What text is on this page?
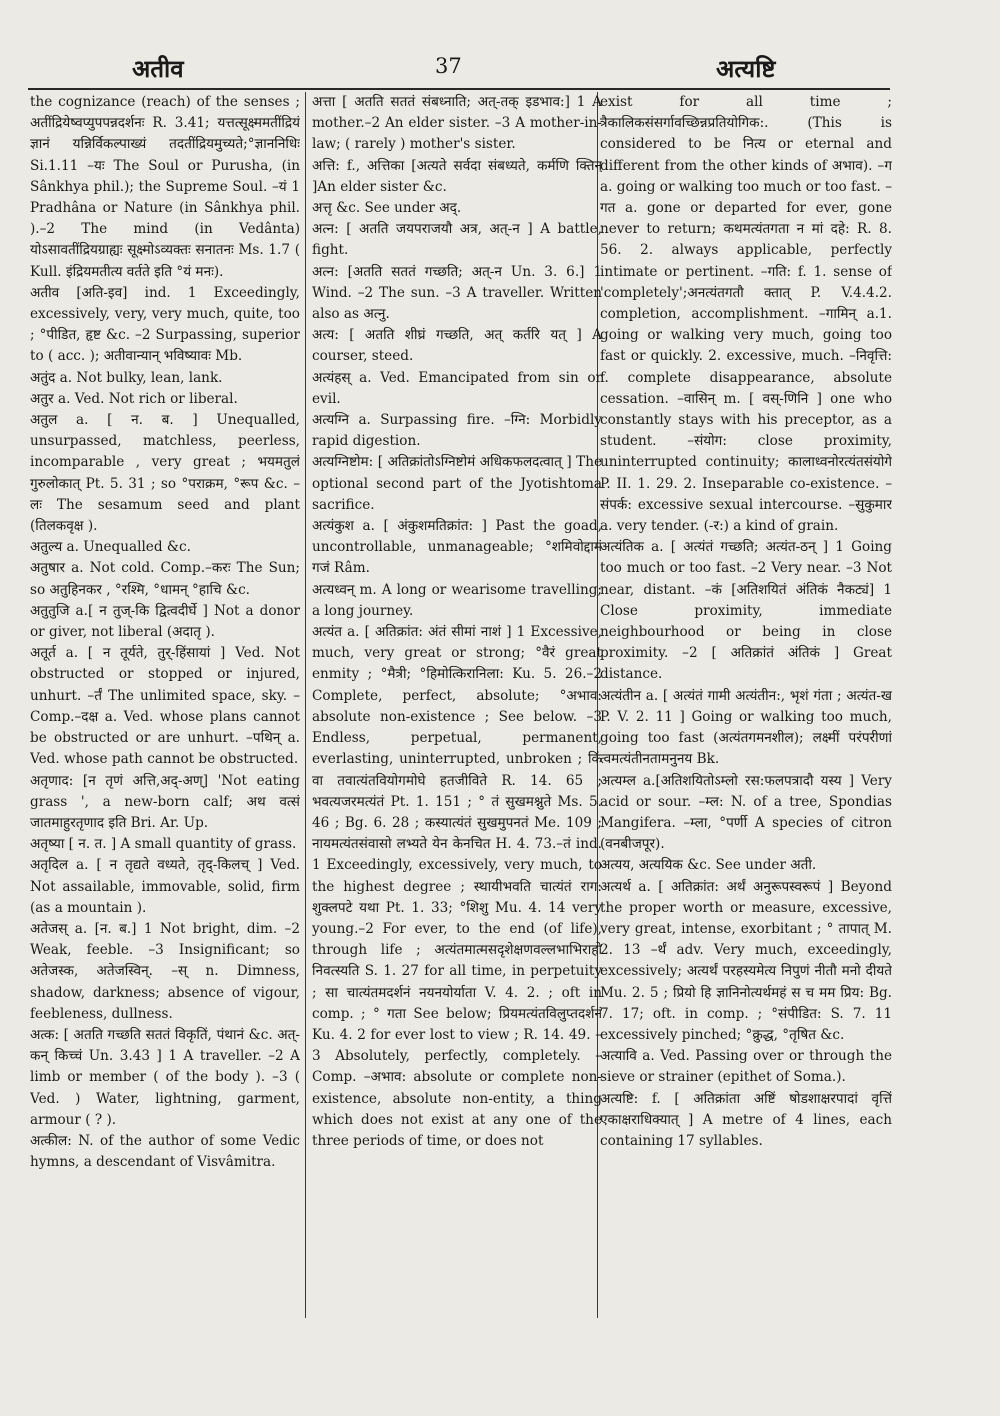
अतीव	37	अत्यष्टि

the cognizance (reach) of the senses ; अतींद्रियेष्वप्युपपन्नदर्शनः R. 3.41; यत्तत्सूक्ष्ममतींद्रियं ज्ञानं यन्निर्विकल्पाख्यं तदतींद्रियमुच्यते;°ज्ञाननिधिः Si.1.11 –यः The Soul or Purusha, (in Sânkhya phil.); the Supreme Soul. –यं 1 Pradhâna or Nature (in Sânkhya phil. ).–2 The mind (in Vedânta) योऽसावतींद्रियग्राह्यः सूक्ष्मोऽव्यक्तः सनातनः Ms. 1.7 ( Kull. इंद्रियमतीत्य वर्तते इति °यं मनः).

अतीव [अति-इव] ind. 1 Exceedingly, excessively, very, very much, quite, too ; °पीडित, हृष्ट &c. –2 Surpassing, superior to ( acc. ); अतीवान्यान् भविष्यावः Mb.

अतुंद a. Not bulky, lean, lank.

अतुर a. Ved. Not rich or liberal.

अतुल a. [ न. ब. ] Unequalled, unsurpassed, matchless, peerless, incomparable , very great ; भयमतुलं गुरुलोकात् Pt. 5. 31 ; so °पराक्रम, °रूप &c. –लः The sesamum seed and plant (तिलकवृक्ष ).

अतुल्य a. Unequalled &c.

अतुषार a. Not cold. Comp.–करः The Sun; so अतुहिनकर , °रश्मि, °धामन् °हाचि &c.

अतुतुजि a.[ न तुज्-कि द्वित्वदीर्घे ] Not a donor or giver, not liberal (अदातृ ).

अतूर्त a. [ न तूर्यते, तुर्-हिंसायां ] Ved. Not obstructed or stopped or injured, unhurt. –र्तं The unlimited space, sky. –Comp.–दक्ष a. Ved. whose plans cannot be obstructed or are unhurt. –पथिन् a. Ved. whose path cannot be obstructed.

अतृणाद: [न तृणं अत्ति,अद्-अण्] 'Not eating grass ', a new-born calf; अथ वत्सं जातमाहुरतृणाद इति Bri. Ar. Up.

अतृष्या [ न. त. ] A small quantity of grass.

अतृदिल a. [ न तृद्यते वध्यते, तृद्-किलच् ] Ved. Not assailable, immovable, solid, firm (as a mountain ).

अतेजस् a. [न. ब.] 1 Not bright, dim. –2 Weak, feeble. –3 Insignificant; so अतेजस्क, अतेजस्विन्. –स् n. Dimness, shadow, darkness; absence of vigour, feebleness, dullness.

अत्क: [ अतति गच्छति सततं विकृतिं, पंथानं &c. अत्-कन् किच्चं Un. 3.43 ] 1 A traveller. –2 A limb or member ( of the body ). –3 ( Ved. ) Water, lightning, garment, armour ( ? ).

अत्कील: N. of the author of some Vedic hymns, a descendant of Visvâmitra.

अत्ता [ अतति सततं संबध्नाति; अत्-तक् इडभाव:] 1 A mother.–2 An elder sister. –3 A mother-in-law; ( rarely ) mother's sister.

अत्ति: f., अत्तिका [अत्यते सर्वदा संबध्यते, कर्मणि क्तिन् ]An elder sister &c.

अत्तृ &c. See under अद्.

अत्न: [ अतति जयपराजयौ अत्र, अत्-न ] A battle, fight.

अत्न: [अतति सततं गच्छति; अत्-न Un. 3. 6.] 1 Wind. –2 The sun. –3 A traveller. Written also as अत्नु.

अत्य: [ अतति शीघ्रं गच्छति, अत् कर्तरि यत् ] A courser, steed.

अत्यंहस् a. Ved. Emancipated from sin or evil.

अत्यग्नि a. Surpassing fire. –ग्नि: Morbidly rapid digestion.

अत्यग्निष्टोम: [ अतिक्रांतोऽग्निष्टोमं अधिकफलदत्वात् ] The optional second part of the Jyotishtoma sacrifice.

अत्यंकुश a. [ अंकुशमतिक्रांत: ] Past the goad, uncontrollable, unmanageable; °शमिवोद्दामं गजं Râm.

अत्यध्वन् m. A long or wearisome travelling; a long journey.

अत्यंत a. [ अतिक्रांत: अंतं सीमां नाशं ] 1 Excessive, much, very great or strong; °वैरं great enmity ; °मैत्री; °हिमोत्किरानिला: Ku. 5. 26.–2 Complete, perfect, absolute; °अभाव: absolute non-existence ; See below. –3 Endless, perpetual, permanent, everlasting, uninterrupted, unbroken ; किं वा तवात्यंतवियोगमोघे हतजीविते R. 14. 65 ; भवत्यजरमत्यंतं Pt. 1. 151 ; ° तं सुखमश्नुते Ms. 5. 46 ; Bg. 6. 28 ; कस्यात्यंतं सुखमुपनतं Me. 109 ; नायमत्यंतसंवासो लभ्यते येन केनचित H. 4. 73.–तं ind. 1 Exceedingly, excessively, very much, to the highest degree ; स्थायीभवति चात्यंतं राग: शुक्लपटे यथा Pt. 1. 33; °शिशु Mu. 4. 14 very young.–2 For ever, to the end (of life), through life ; अत्यंतमात्मसदृशेक्षणवल्लभाभिराहो निवत्स्यति S. 1. 27 for all time, in perpetuity ; सा चात्यंतमदर्शनं नयनयोर्याता V. 4. 2. ; oft in comp. ; ° गता See below; प्रियमत्यंतविलुप्तदर्शनं Ku. 4. 2 for ever lost to view ; R. 14. 49. –3 Absolutely, perfectly, completely. –Comp. –अभाव: absolute or complete non-existence, absolute non-entity, a thing which does not exist at any one of the three periods of time, or does not

exist for all time ; त्रैकालिकसंसर्गावच्छिन्नप्रतियोगिक:. (This is considered to be नित्य or eternal and different from the other kinds of अभाव). –ग a. going or walking too much or too fast. –गत a. gone or departed for ever, gone never to return; कथमत्यंतगता न मां दहे: R. 8. 56. 2. always applicable, perfectly intimate or pertinent. –गति: f. 1. sense of 'completely';अनत्यंतगतौ क्तात् P. V.4.4.2. completion, accomplishment. –गामिन् a.1. going or walking very much, going too fast or quickly. 2. excessive, much. –निवृत्ति: f. complete disappearance, absolute cessation. –वासिन् m. [ वस्-णिनि ] one who constantly stays with his preceptor, as a student. –संयोग: close proximity, uninterrupted continuity; कालाध्वनोरत्यंतसंयोगे P. II. 1. 29. 2. Inseparable co-existence. –संपर्क: excessive sexual intercourse. –सुकुमार a. very tender. (-र:) a kind of grain.

अत्यंतिक a. [ अत्यंतं गच्छति; अत्यंत-ठन् ] 1 Going too much or too fast. –2 Very near. –3 Not near, distant. –कं [अतिशयितं अंतिकं नैकट्यं] 1 Close proximity, immediate neighbourhood or being in close proximity. –2 [ अतिक्रांतं अंतिकं ] Great distance.

अत्यंतीन a. [ अत्यंतं गामी अत्यंतीन:, भृशं गंता ; अत्यंत-ख P. V. 2. 11 ] Going or walking too much, going too fast (अत्यंतगमनशील); लक्ष्मीं परंपरीणां त्वमत्यंतीनतामनुनय Bk.

अत्यम्ल a.[अतिशयितोऽम्लो रस:फलपत्रादौ यस्य ] Very acid or sour. –म्ल: N. of a tree, Spondias Mangifera. –म्ला, °पर्णी A species of citron (वनबीजपूर).

अत्यय, अत्ययिक &c. See under अती.

अत्यर्थ a. [ अतिक्रांत: अर्थं अनुरूपस्वरूपं ] Beyond the proper worth or measure, excessive, very great, intense, exorbitant ; ° तापात् M. 2. 13 –र्थं adv. Very much, exceedingly, excessively; अत्यर्थं परहस्यमेत्य निपुणं नीतौ मनो दीयते Mu. 2. 5 ; प्रियो हि ज्ञानिनोत्यर्थमहं स च मम प्रिय: Bg. 7. 17; oft. in comp. ; °संपीडित: S. 7. 11 excessively pinched; °क्रुद्ध, °तृषित &c.

अत्यावि a. Ved. Passing over or through the sieve or strainer (epithet of Soma.).

अत्यष्टि: f. [ अतिक्रांता अष्टिं षोडशाक्षरपादां वृत्तिं एकाक्षराधिक्यात् ] A metre of 4 lines, each containing 17 syllables.
